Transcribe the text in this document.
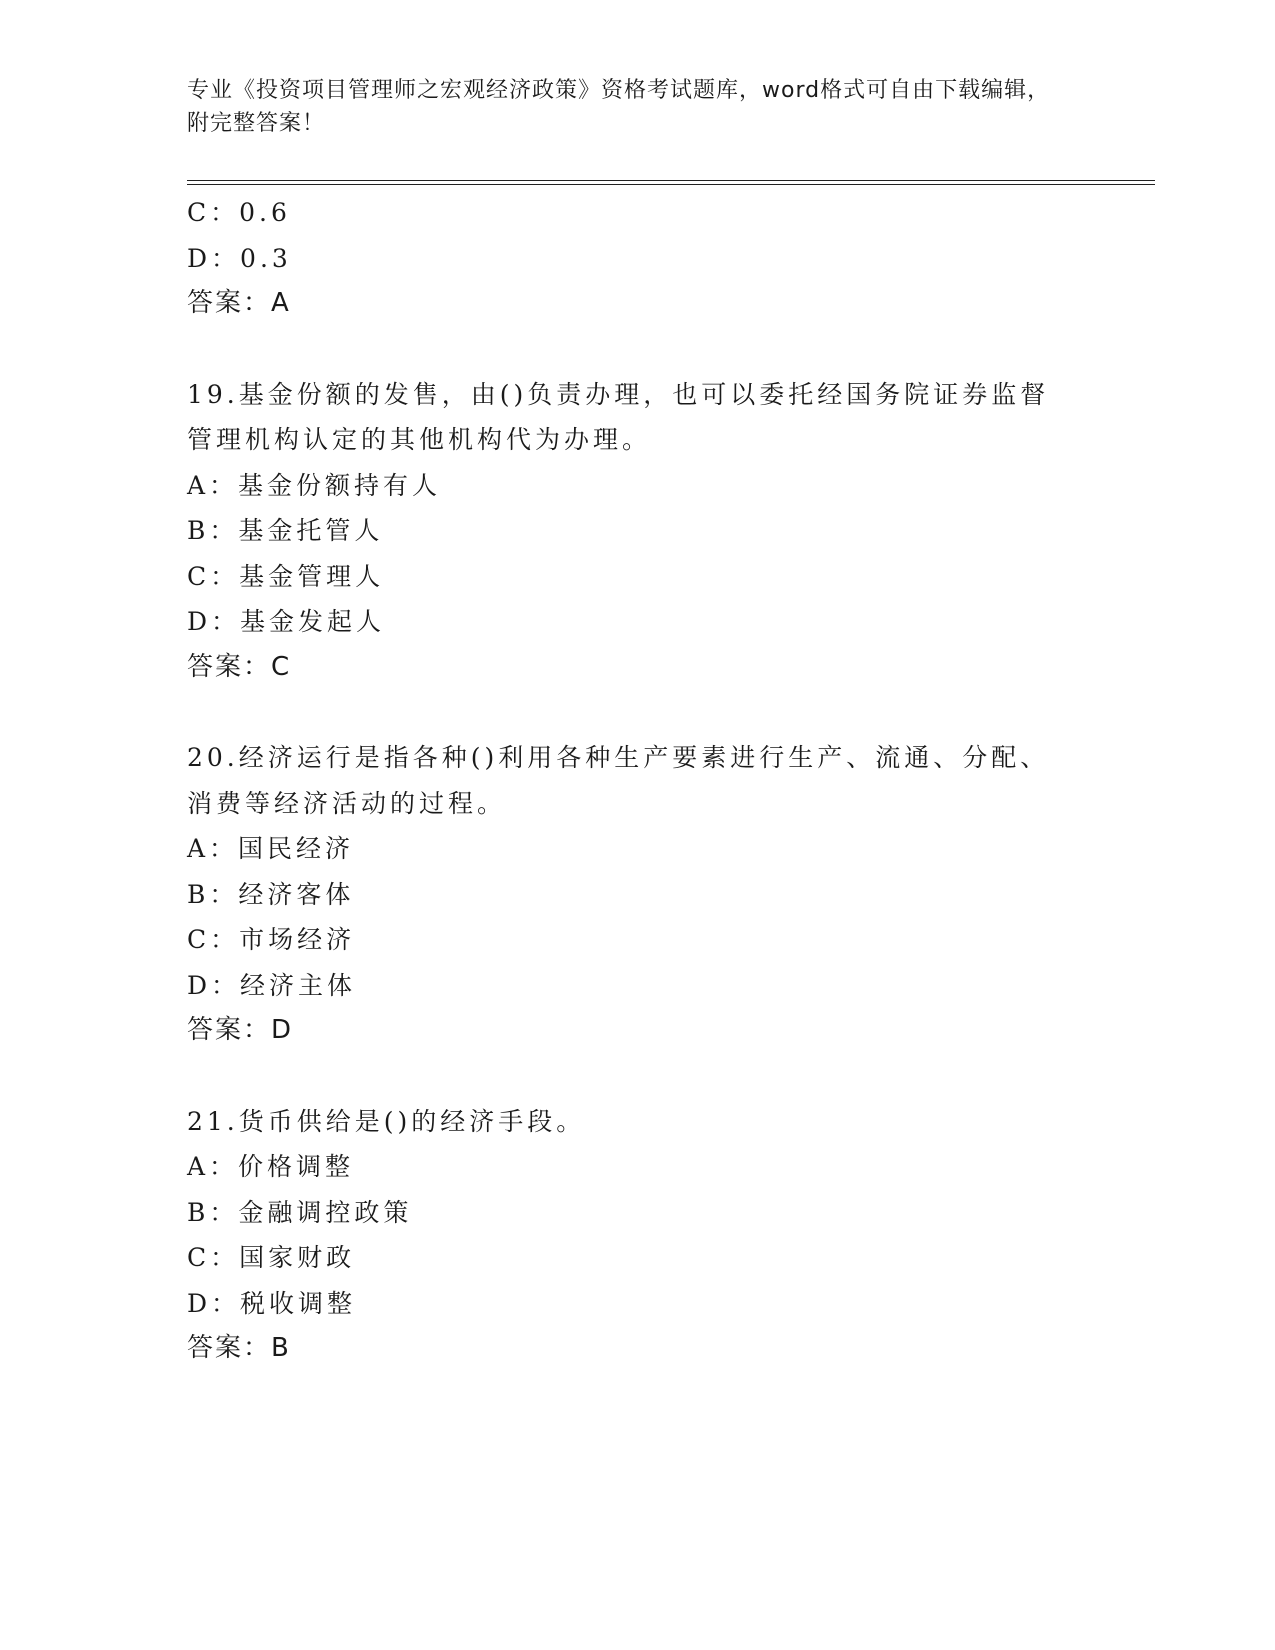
专业《投资项目管理师之宏观经济政策》资格考试题库，word格式可自由下载编辑，附完整答案！

C：0.6

D：0.3

答案：A

19.基金份额的发售，由()负责办理，也可以委托经国务院证券监督管理机构认定的其他机构代为办理。

A：基金份额持有人

B：基金托管人

C：基金管理人

D：基金发起人

答案：C

20.经济运行是指各种()利用各种生产要素进行生产、流通、分配、消费等经济活动的过程。

A：国民经济

B：经济客体

C：市场经济

D：经济主体

答案：D

21.货币供给是()的经济手段。

A：价格调整

B：金融调控政策

C：国家财政

D：税收调整

答案：B
